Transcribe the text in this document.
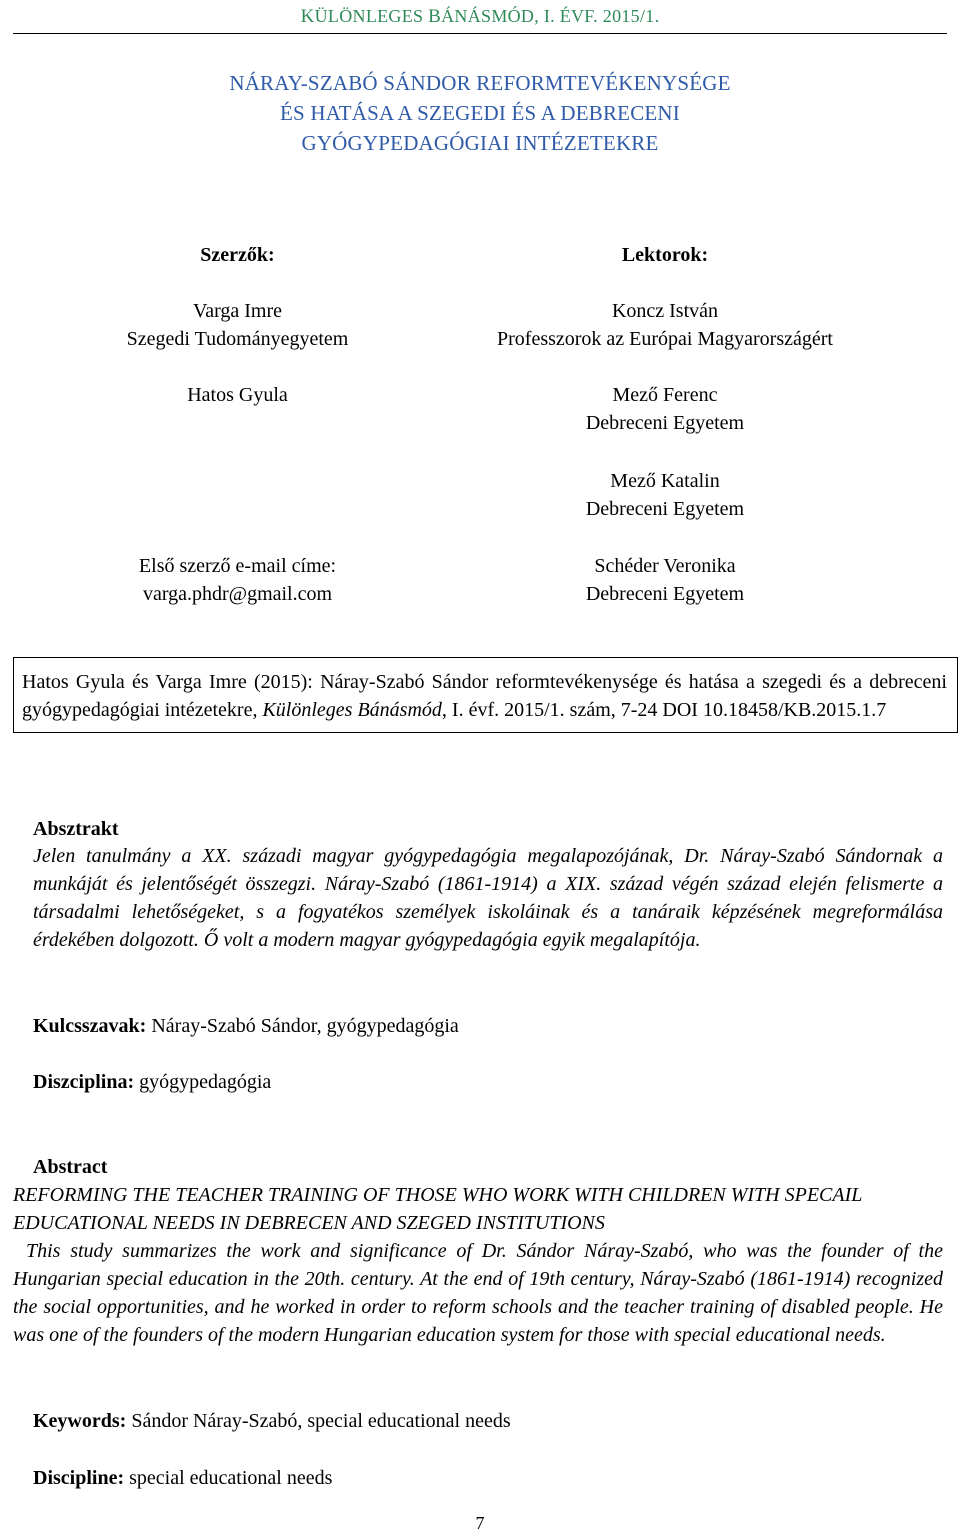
KÜLÖNLEGES BÁNÁSMÓD, I. ÉVF. 2015/1.
NÁRAY-SZABÓ SÁNDOR REFORMTEVÉKENYSÉGE
ÉS HATÁSA A SZEGEDI ÉS A DEBRECENI
GYÓGYPEDAGÓGIAI INTÉZETEKRE
Szerzők:
Varga Imre
Szegedi Tudományegyetem
Hatos Gyula
Első szerző e-mail címe:
varga.phdr@gmail.com
Lektorok:
Koncz István
Professzorok az Európai Magyarországért
Mező Ferenc
Debreceni Egyetem
Mező Katalin
Debreceni Egyetem
Schéder Veronika
Debreceni Egyetem
Hatos Gyula és Varga Imre (2015): Náray-Szabó Sándor reformtevékenysége és hatása a szegedi és a debreceni gyógypedagógiai intézetekre, Különleges Bánásmód, I. évf. 2015/1. szám, 7-24 DOI 10.18458/KB.2015.1.7
Absztrakt
Jelen tanulmány a XX. századi magyar gyógypedagógia megalapozójának, Dr. Náray-Szabó Sándornak a munkáját és jelentőségét összegzi. Náray-Szabó (1861-1914) a XIX. század végén század elején felismerte a társadalmi lehetőségeket, s a fogyatékos személyek iskoláinak és a tanáraik képzésének megreformálása érdekében dolgozott. Ő volt a modern magyar gyógypedagógia egyik megalapítója.
Kulcsszavak: Náray-Szabó Sándor, gyógypedagógia
Diszciplina: gyógypedagógia
Abstract
REFORMING THE TEACHER TRAINING OF THOSE WHO WORK WITH CHILDREN WITH SPECAIL EDUCATIONAL NEEDS IN DEBRECEN AND SZEGED INSTITUTIONS
This study summarizes the work and significance of Dr. Sándor Náray-Szabó, who was the founder of the Hungarian special education in the 20th. century. At the end of 19th century, Náray-Szabó (1861-1914) recognized the social opportunities, and he worked in order to reform schools and the teacher training of disabled people. He was one of the founders of the modern Hungarian education system for those with special educational needs.
Keywords: Sándor Náray-Szabó, special educational needs
Discipline: special educational needs
7
